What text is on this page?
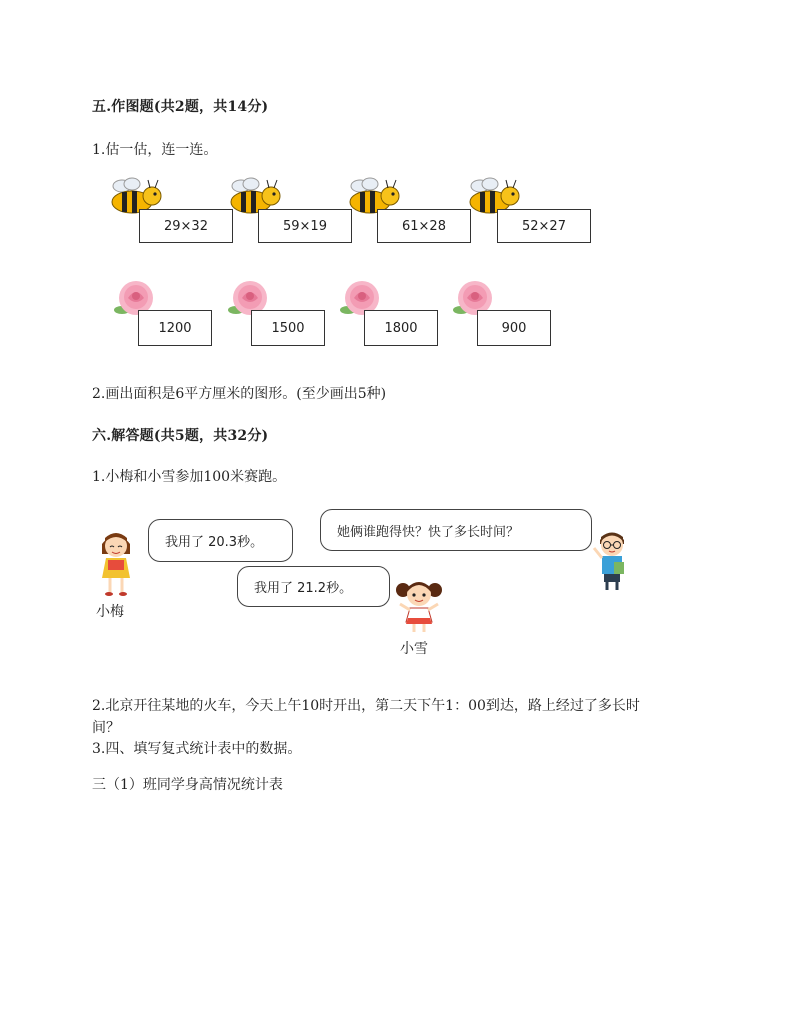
五.作图题(共2题，共14分)
1.估一估，连一连。
29×32	59×19	61×28	52×27
1200	1500	1800	900
2.画出面积是6平方厘米的图形。(至少画出5种)
六.解答题(共5题，共32分)
1.小梅和小雪参加100米赛跑。
小梅
我用了 20.3秒。
她俩谁跑得快？快了多长时间？
我用了 21.2秒。
小雪
2.北京开往某地的火车，今天上午10时开出，第二天下午1：00到达，路上经过了多长时
间？
3.四、填写复式统计表中的数据。
三（1）班同学身高情况统计表
